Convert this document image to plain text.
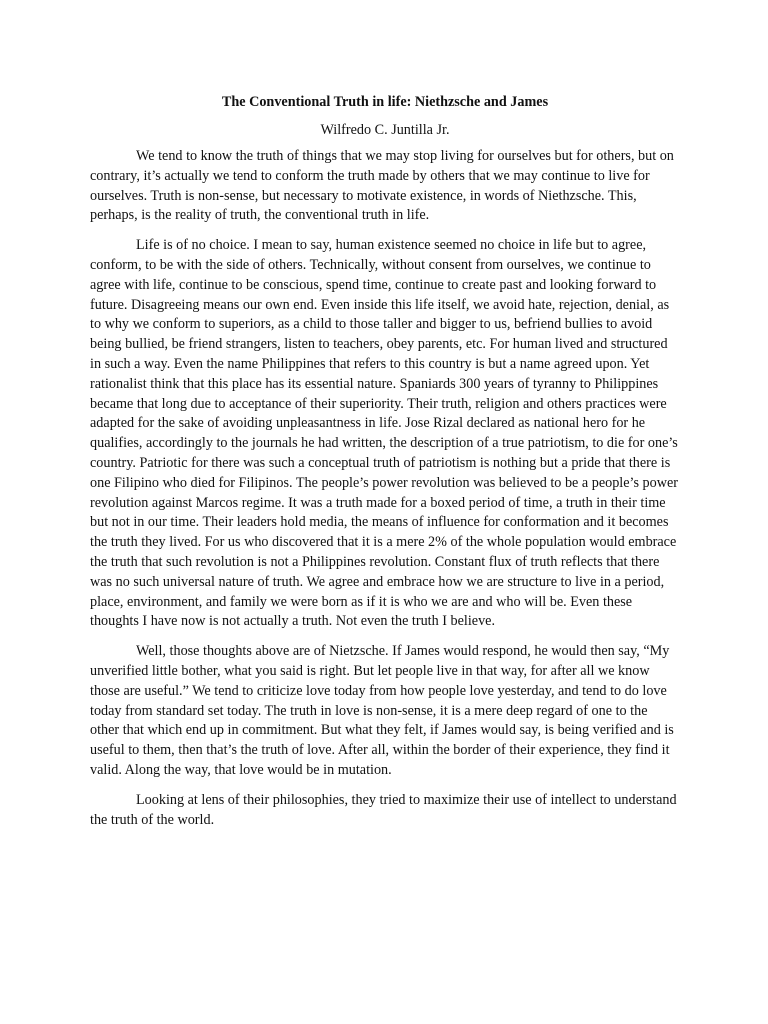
The Conventional Truth in life: Niethzsche and James
Wilfredo C. Juntilla Jr.

We tend to know the truth of things that we may stop living for ourselves but for others, but on contrary, it’s actually we tend to conform the truth made by others that we may continue to live for ourselves. Truth is non-sense, but necessary to motivate existence, in words of Niethzsche. This, perhaps, is the reality of truth, the conventional truth in life.

Life is of no choice. I mean to say, human existence seemed no choice in life but to agree, conform, to be with the side of others. Technically, without consent from ourselves, we continue to agree with life, continue to be conscious, spend time, continue to create past and looking forward to future. Disagreeing means our own end. Even inside this life itself, we avoid hate, rejection, denial, as to why we conform to superiors, as a child to those taller and bigger to us, befriend bullies to avoid being bullied, be friend strangers, listen to teachers, obey parents, etc. For human lived and structured in such a way. Even the name Philippines that refers to this country is but a name agreed upon. Yet rationalist think that this place has its essential nature. Spaniards 300 years of tyranny to Philippines became that long due to acceptance of their superiority. Their truth, religion and others practices were adapted for the sake of avoiding unpleasantness in life. Jose Rizal declared as national hero for he qualifies, accordingly to the journals he had written, the description of a true patriotism, to die for one’s country. Patriotic for there was such a conceptual truth of patriotism is nothing but a pride that there is one Filipino who died for Filipinos. The people’s power revolution was believed to be a people’s power revolution against Marcos regime. It was a truth made for a boxed period of time, a truth in their time but not in our time. Their leaders hold media, the means of influence for conformation and it becomes the truth they lived. For us who discovered that it is a mere 2% of the whole population would embrace the truth that such revolution is not a Philippines revolution. Constant flux of truth reflects that there was no such universal nature of truth. We agree and embrace how we are structure to live in a period, place, environment, and family we were born as if it is who we are and who will be. Even these thoughts I have now is not actually a truth. Not even the truth I believe.

Well, those thoughts above are of Nietzsche. If James would respond, he would then say, “My unverified little bother, what you said is right. But let people live in that way, for after all we know those are useful.” We tend to criticize love today from how people love yesterday, and tend to do love today from standard set today. The truth in love is non-sense, it is a mere deep regard of one to the other that which end up in commitment. But what they felt, if James would say, is being verified and is useful to them, then that’s the truth of love. After all, within the border of their experience, they find it valid. Along the way, that love would be in mutation.

Looking at lens of their philosophies, they tried to maximize their use of intellect to understand the truth of the world.
